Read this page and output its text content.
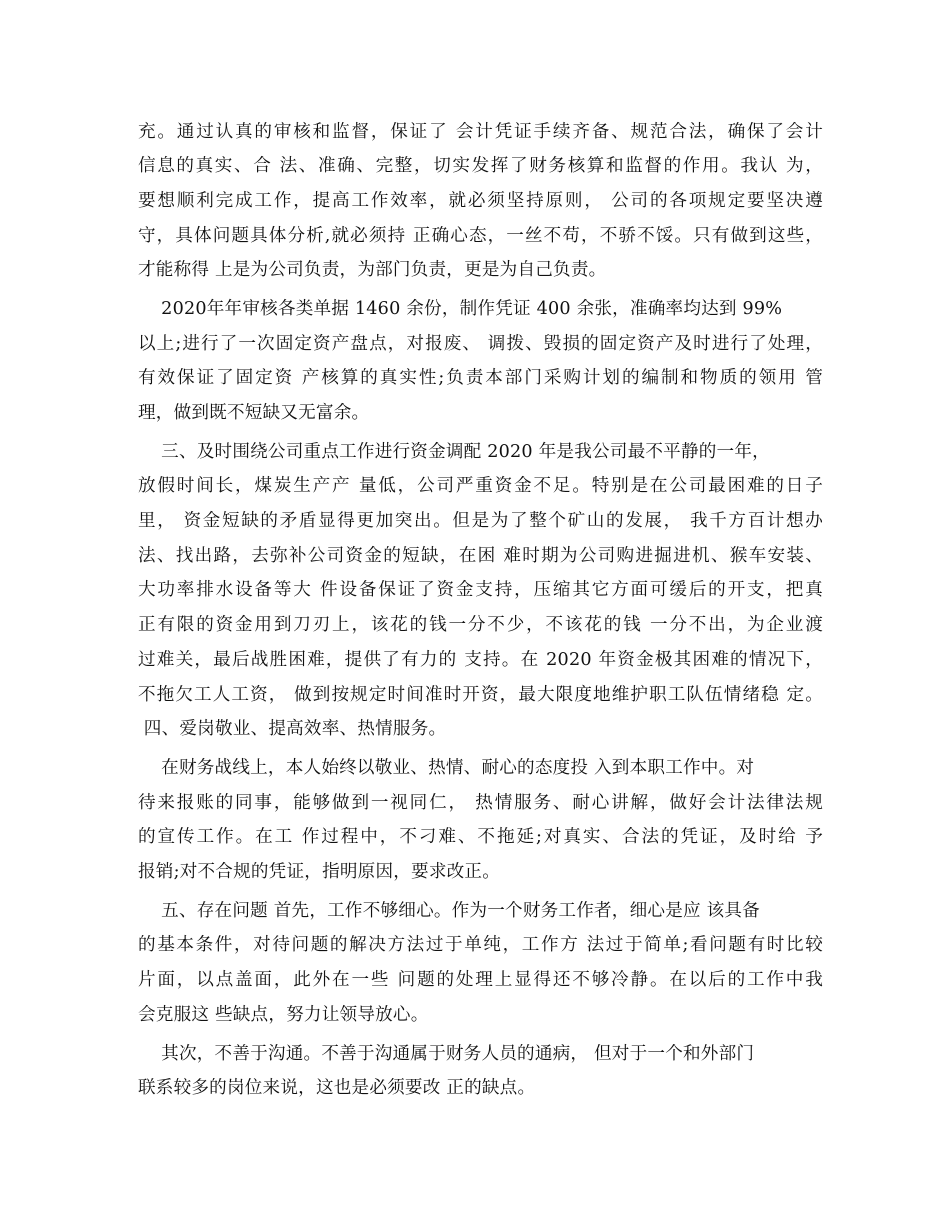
充。通过认真的审核和监督，保证了 会计凭证手续齐备、规范合法，确保了会计
信息的真实、合 法、准确、完整，切实发挥了财务核算和监督的作用。我认 为，
要想顺利完成工作，提高工作效率，就必须坚持原则， 公司的各项规定要坚决遵
守，具体问题具体分析,就必须持 正确心态，一丝不苟，不骄不馁。只有做到这些，
才能称得 上是为公司负责，为部门负责，更是为自己负责。
2020年年审核各类单据 1460 余份，制作凭证 400 余张，准确率均达到 99%
以上;进行了一次固定资产盘点，对报废、 调拨、毁损的固定资产及时进行了处理，
有效保证了固定资 产核算的真实性;负责本部门采购计划的编制和物质的领用 管
理，做到既不短缺又无富余。
三、及时围绕公司重点工作进行资金调配 2020 年是我公司最不平静的一年，
放假时间长，煤炭生产产 量低，公司严重资金不足。特别是在公司最困难的日子
里， 资金短缺的矛盾显得更加突出。但是为了整个矿山的发展， 我千方百计想办
法、找出路，去弥补公司资金的短缺，在困 难时期为公司购进掘进机、猴车安装、
大功率排水设备等大 件设备保证了资金支持，压缩其它方面可缓后的开支，把真
正有限的资金用到刀刃上，该花的钱一分不少，不该花的钱 一分不出，为企业渡
过难关，最后战胜困难，提供了有力的 支持。在 2020 年资金极其困难的情况下，
不拖欠工人工资， 做到按规定时间准时开资，最大限度地维护职工队伍情绪稳 定。
四、爱岗敬业、提高效率、热情服务。
在财务战线上，本人始终以敬业、热情、耐心的态度投 入到本职工作中。对
待来报账的同事，能够做到一视同仁， 热情服务、耐心讲解，做好会计法律法规
的宣传工作。在工 作过程中，不刁难、不拖延;对真实、合法的凭证，及时给 予
报销;对不合规的凭证，指明原因，要求改正。
五、存在问题 首先，工作不够细心。作为一个财务工作者，细心是应 该具备
的基本条件，对待问题的解决方法过于单纯，工作方 法过于简单;看问题有时比较
片面，以点盖面，此外在一些 问题的处理上显得还不够冷静。在以后的工作中我
会克服这 些缺点，努力让领导放心。
其次，不善于沟通。不善于沟通属于财务人员的通病， 但对于一个和外部门
联系较多的岗位来说，这也是必须要改 正的缺点。
